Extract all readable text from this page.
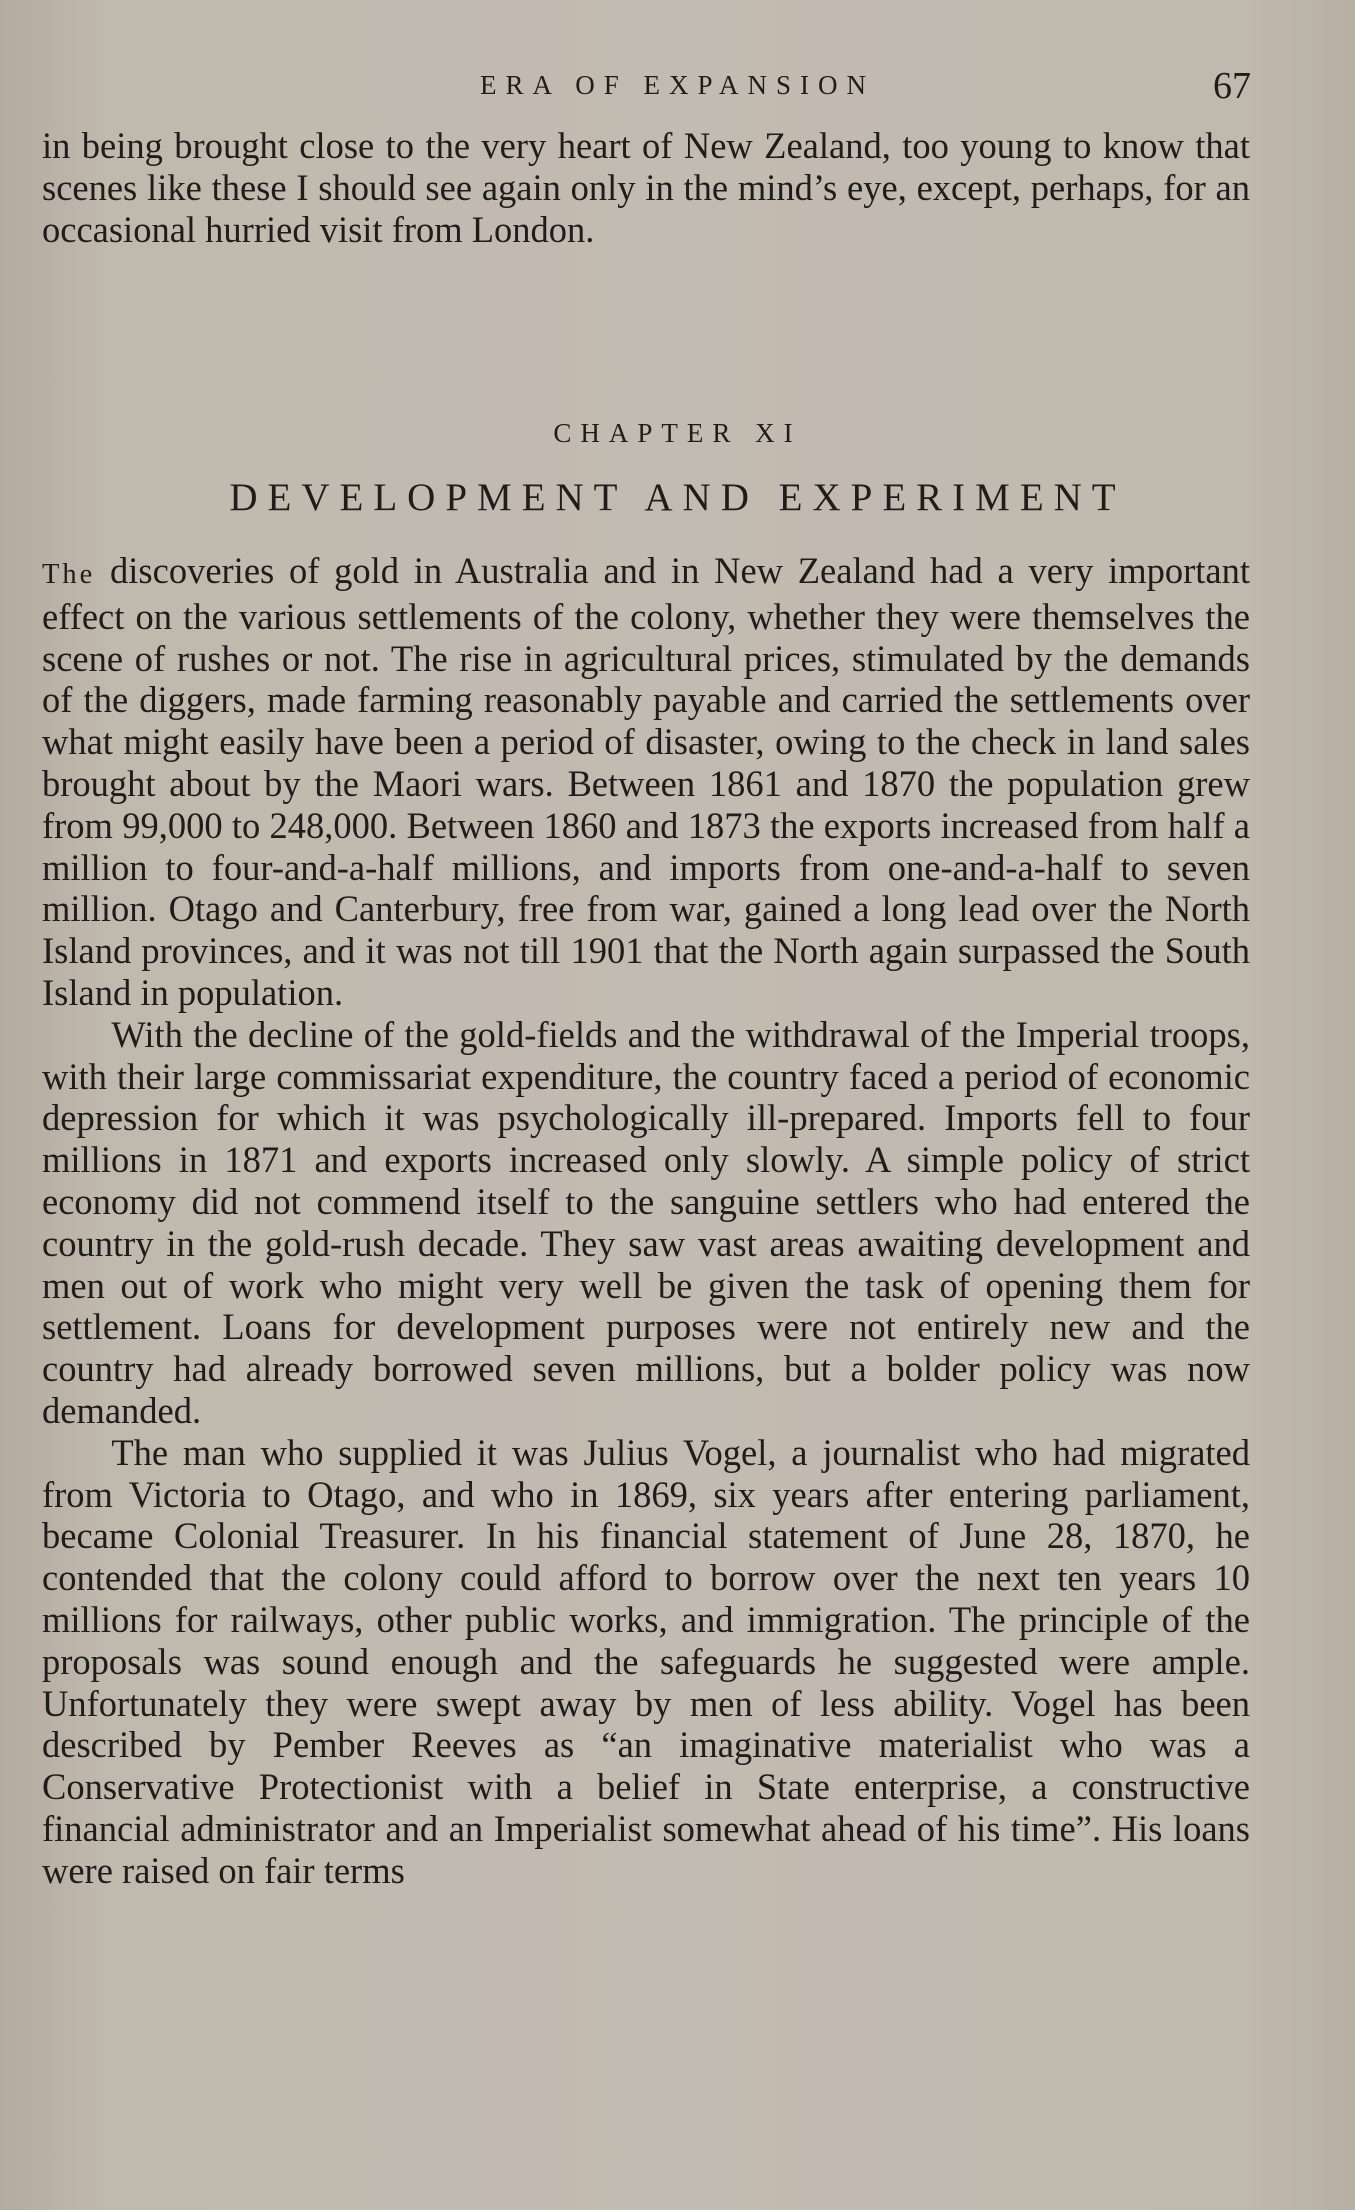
ERA OF EXPANSION	67

in being brought close to the very heart of New Zealand, too young to know that scenes like these I should see again only in the mind’s eye, except, perhaps, for an occasional hurried visit from London.

CHAPTER XI
DEVELOPMENT AND EXPERIMENT

The discoveries of gold in Australia and in New Zealand had a very important effect on the various settlements of the colony, whether they were themselves the scene of rushes or not. The rise in agricultural prices, stimulated by the demands of the diggers, made farming reasonably payable and carried the settlements over what might easily have been a period of disaster, owing to the check in land sales brought about by the Maori wars. Between 1861 and 1870 the population grew from 99,000 to 248,000. Between 1860 and 1873 the exports increased from half a million to four-and-a-half millions, and imports from one-and-a-half to seven million. Otago and Canterbury, free from war, gained a long lead over the North Island provinces, and it was not till 1901 that the North again surpassed the South Island in population.

With the decline of the gold-fields and the withdrawal of the Imperial troops, with their large commissariat expenditure, the country faced a period of economic depression for which it was psychologically ill-prepared. Imports fell to four millions in 1871 and exports increased only slowly. A simple policy of strict economy did not commend itself to the sanguine settlers who had entered the country in the gold-rush decade. They saw vast areas awaiting development and men out of work who might very well be given the task of opening them for settlement. Loans for development purposes were not entirely new and the country had already borrowed seven millions, but a bolder policy was now demanded.

The man who supplied it was Julius Vogel, a journalist who had migrated from Victoria to Otago, and who in 1869, six years after entering parliament, became Colonial Treasurer. In his financial statement of June 28, 1870, he contended that the colony could afford to borrow over the next ten years 10 millions for railways, other public works, and immigration. The principle of the proposals was sound enough and the safeguards he suggested were ample. Unfortunately they were swept away by men of less ability. Vogel has been described by Pember Reeves as “an imaginative materialist who was a Conservative Protectionist with a belief in State enterprise, a constructive financial administrator and an Imperialist somewhat ahead of his time”. His loans were raised on fair terms
